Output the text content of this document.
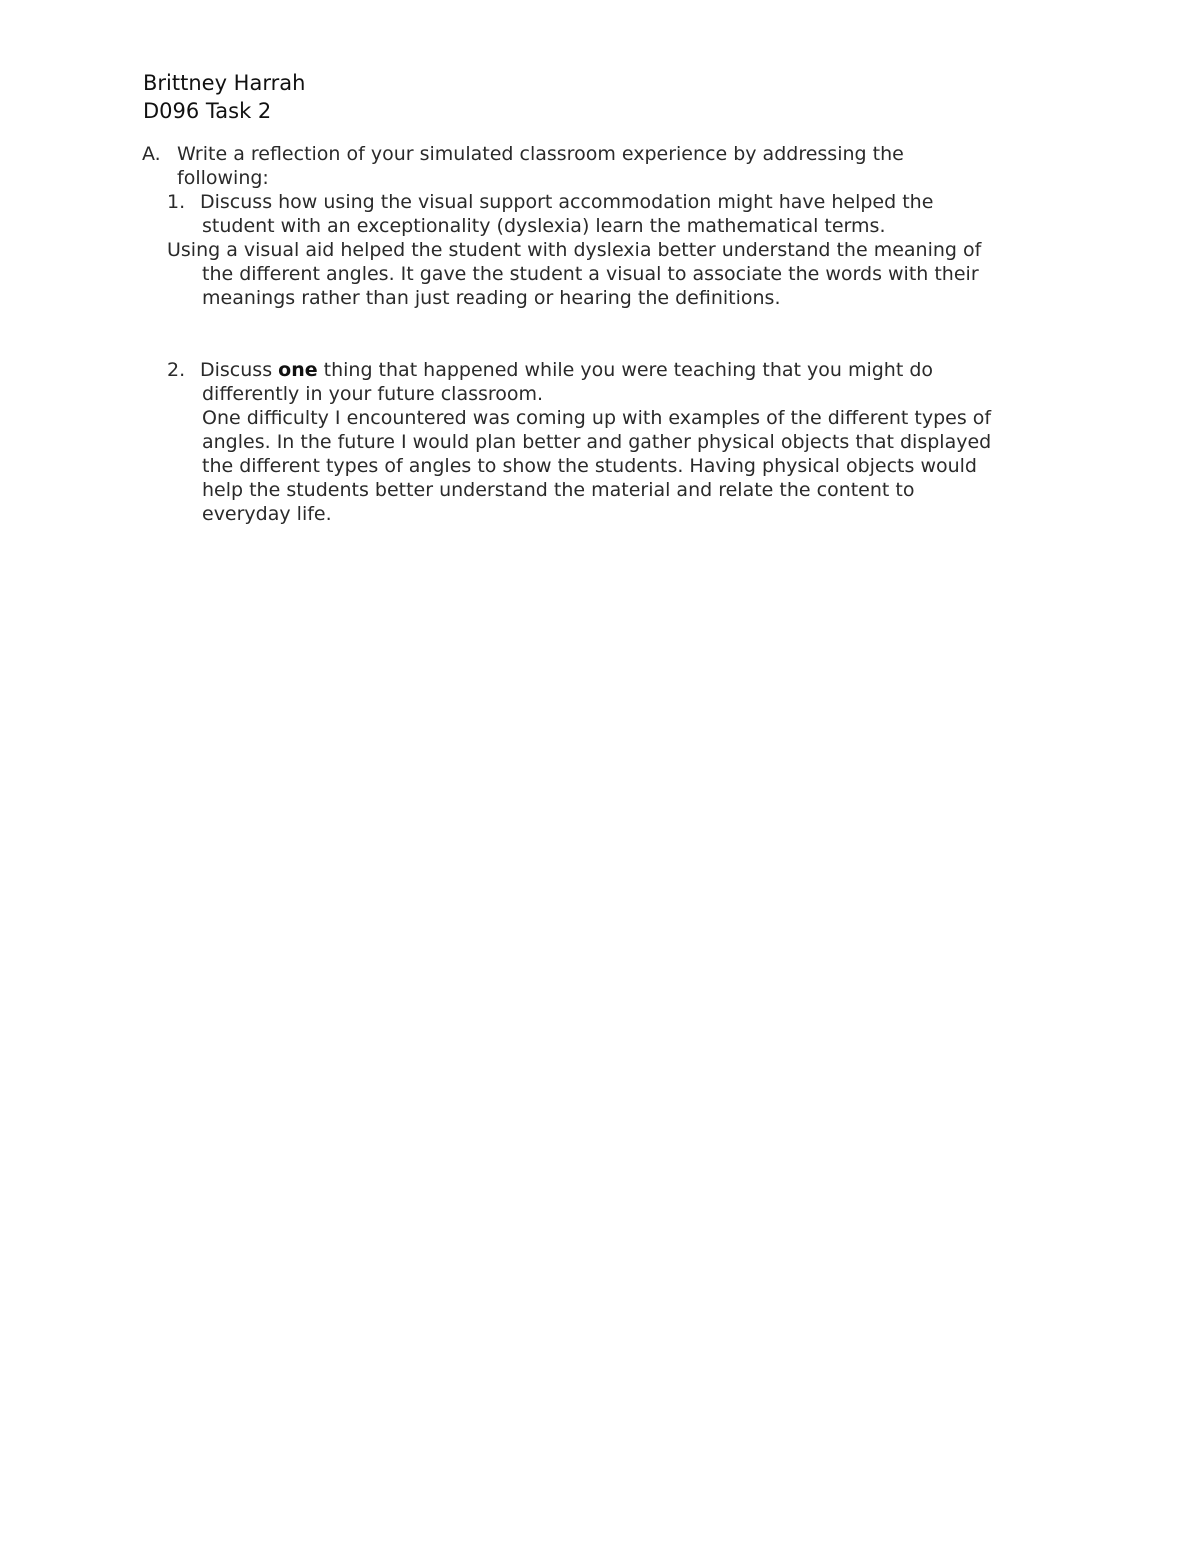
Brittney Harrah
D096 Task 2
A. Write a reflection of your simulated classroom experience by addressing the
following:
1. Discuss how using the visual support accommodation might have helped the
student with an exceptionality (dyslexia) learn the mathematical terms.
Using a visual aid helped the student with dyslexia better understand the meaning of
the different angles. It gave the student a visual to associate the words with their
meanings rather than just reading or hearing the definitions.
2. Discuss one thing that happened while you were teaching that you might do
differently in your future classroom.
One difficulty I encountered was coming up with examples of the different types of
angles. In the future I would plan better and gather physical objects that displayed
the different types of angles to show the students. Having physical objects would
help the students better understand the material and relate the content to
everyday life.
